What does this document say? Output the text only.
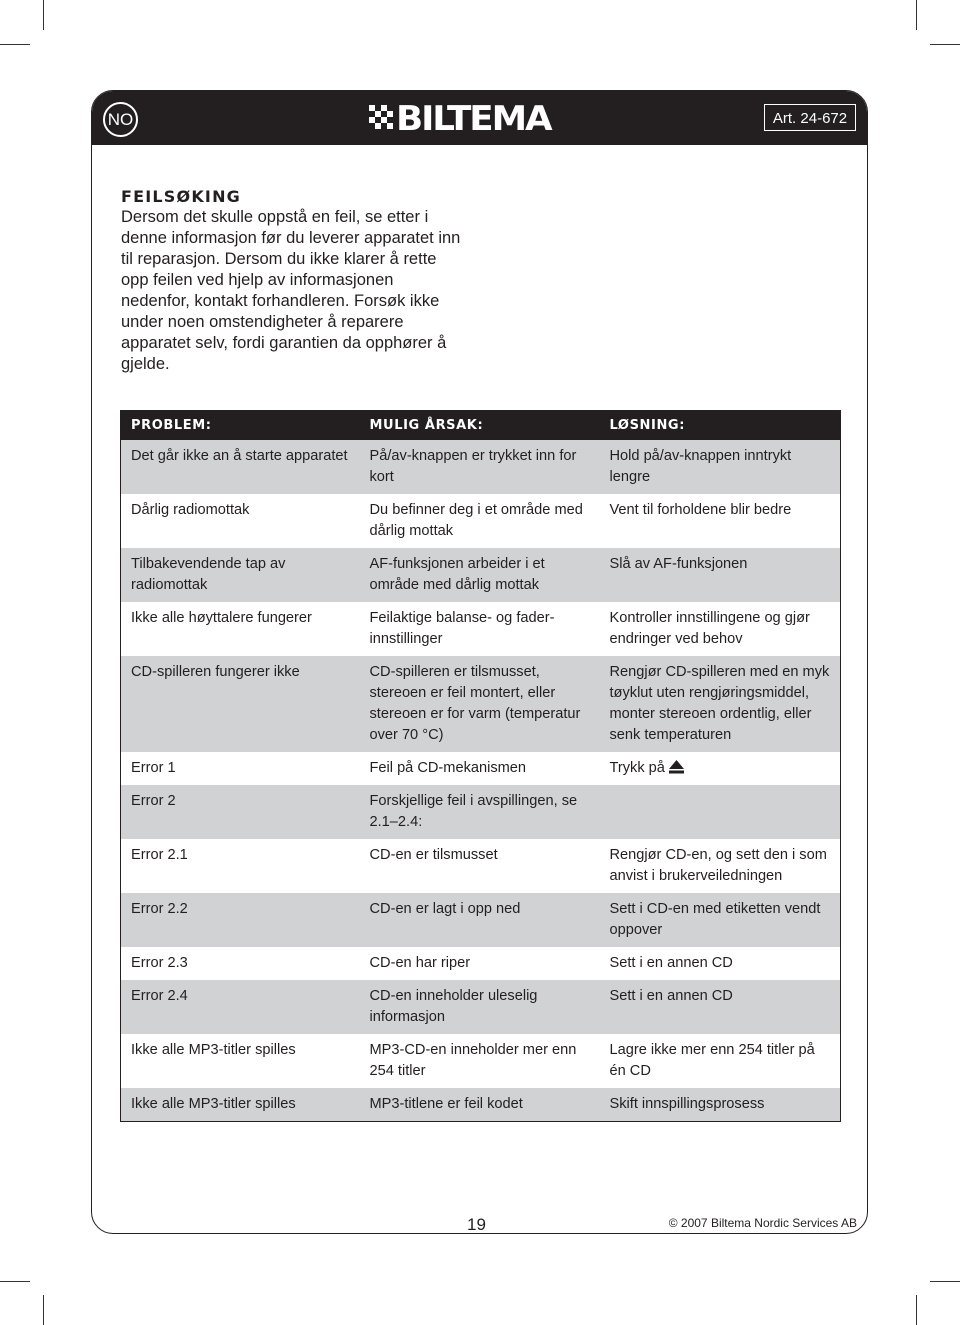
NO	BILTEMA	Art. 24-672
FEILSØKING

Dersom det skulle oppstå en feil, se etter i denne informasjon før du leverer apparatet inn til reparasjon. Dersom du ikke klarer å rette opp feilen ved hjelp av informasjonen nedenfor, kontakt forhandleren. Forsøk ikke under noen omstendigheter å reparere apparatet selv, fordi garantien da opphører å gjelde.

PROBLEM:	MULIG ÅRSAK:	LØSNING:
Det går ikke an å starte apparatet	På/av-knappen er trykket inn for kort	Hold på/av-knappen inntrykt lengre
Dårlig radiomottak	Du befinner deg i et område med dårlig mottak	Vent til forholdene blir bedre
Tilbakevendende tap av radiomottak	AF-funksjonen arbeider i et område med dårlig mottak	Slå av AF-funksjonen
Ikke alle høyttalere fungerer	Feilaktige balanse- og fader-innstillinger	Kontroller innstillingene og gjør endringer ved behov
CD-spilleren fungerer ikke	CD-spilleren er tilsmusset, stereoen er feil montert, eller stereoen er for varm (temperatur over 70 °C)	Rengjør CD-spilleren med en myk tøyklut uten rengjøringsmiddel, monter stereoen ordentlig, eller senk temperaturen
Error 1	Feil på CD-mekanismen	Trykk på
Error 2	Forskjellige feil i avspillingen, se 2.1–2.4:	
Error 2.1	CD-en er tilsmusset	Rengjør CD-en, og sett den i som anvist i brukerveiledningen
Error 2.2	CD-en er lagt i opp ned	Sett i CD-en med etiketten vendt oppover
Error 2.3	CD-en har riper	Sett i en annen CD
Error 2.4	CD-en inneholder uleselig informasjon	Sett i en annen CD
Ikke alle MP3-titler spilles	MP3-CD-en inneholder mer enn 254 titler	Lagre ikke mer enn 254 titler på én CD
Ikke alle MP3-titler spilles	MP3-titlene er feil kodet	Skift innspillingsprosess
19	© 2007 Biltema Nordic Services AB
